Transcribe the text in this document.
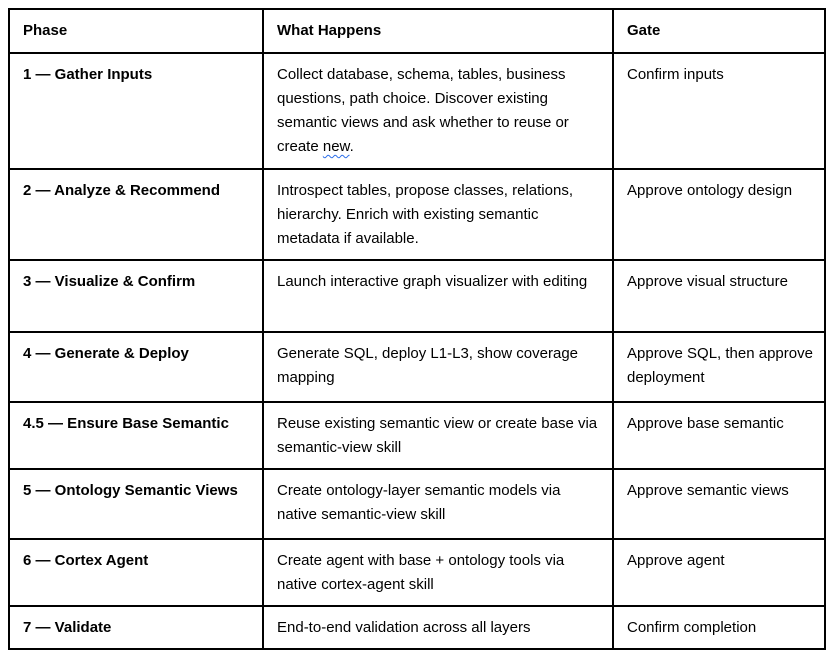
Phase	What Happens	Gate
1 — Gather Inputs	Collect database, schema, tables, business questions, path choice. Discover existing semantic views and ask whether to reuse or create new.	Confirm inputs
2 — Analyze & Recommend	Introspect tables, propose classes, relations, hierarchy. Enrich with existing semantic metadata if available.	Approve ontology design
3 — Visualize & Confirm	Launch interactive graph visualizer with editing	Approve visual structure
4 — Generate & Deploy	Generate SQL, deploy L1-L3, show coverage mapping	Approve SQL, then approve deployment
4.5 — Ensure Base Semantic	Reuse existing semantic view or create base via semantic-view skill	Approve base semantic
5 — Ontology Semantic Views	Create ontology-layer semantic models via native semantic-view skill	Approve semantic views
6 — Cortex Agent	Create agent with base + ontology tools via native cortex-agent skill	Approve agent
7 — Validate	End-to-end validation across all layers	Confirm completion
